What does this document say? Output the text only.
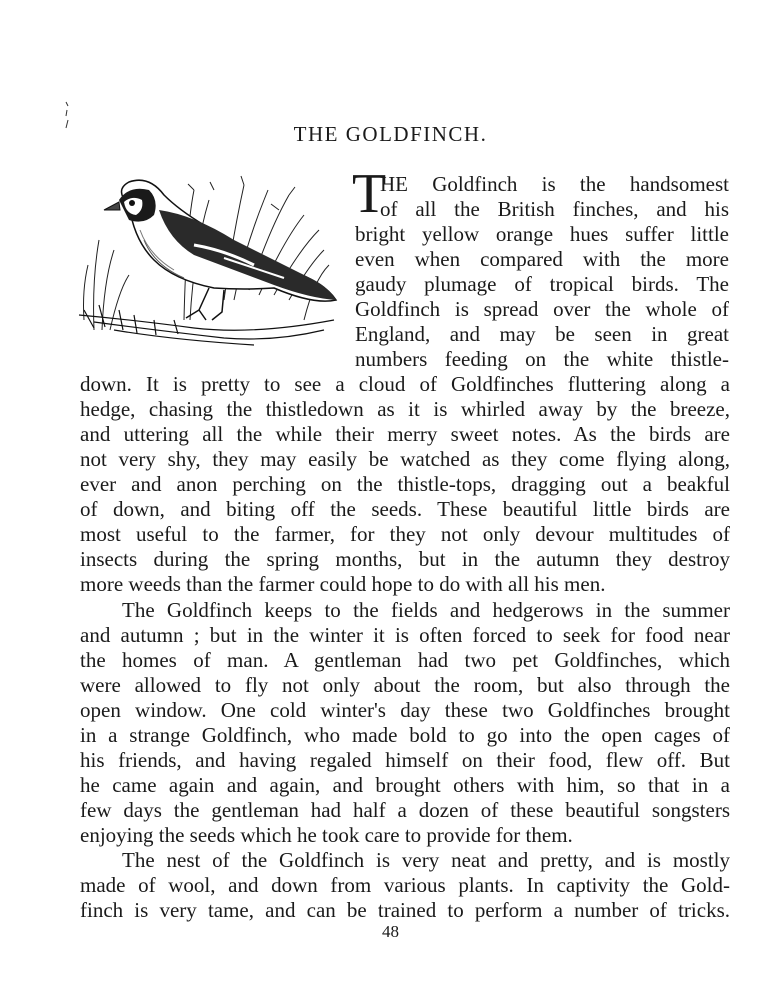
THE GOLDFINCH.
T
HE Goldfinch is the handsomest
of all the British finches, and his
bright yellow orange hues suffer little
even when compared with the more
gaudy plumage of tropical birds. The
Goldfinch is spread over the whole of
England, and may be seen in great
numbers feeding on the white thistle-
down. It is pretty to see a cloud of Goldfinches fluttering along a
hedge, chasing the thistledown as it is whirled away by the breeze,
and uttering all the while their merry sweet notes. As the birds are
not very shy, they may easily be watched as they come flying along,
ever and anon perching on the thistle-tops, dragging out a beakful
of down, and biting off the seeds. These beautiful little birds are
most useful to the farmer, for they not only devour multitudes of
insects during the spring months, but in the autumn they destroy
more weeds than the farmer could hope to do with all his men.
The Goldfinch keeps to the fields and hedgerows in the summer
and autumn ; but in the winter it is often forced to seek for food near
the homes of man. A gentleman had two pet Goldfinches, which
were allowed to fly not only about the room, but also through the
open window. One cold winter's day these two Goldfinches brought
in a strange Goldfinch, who made bold to go into the open cages of
his friends, and having regaled himself on their food, flew off. But
he came again and again, and brought others with him, so that in a
few days the gentleman had half a dozen of these beautiful songsters
enjoying the seeds which he took care to provide for them.
The nest of the Goldfinch is very neat and pretty, and is mostly
made of wool, and down from various plants. In captivity the Gold-
finch is very tame, and can be trained to perform a number of tricks.
48
